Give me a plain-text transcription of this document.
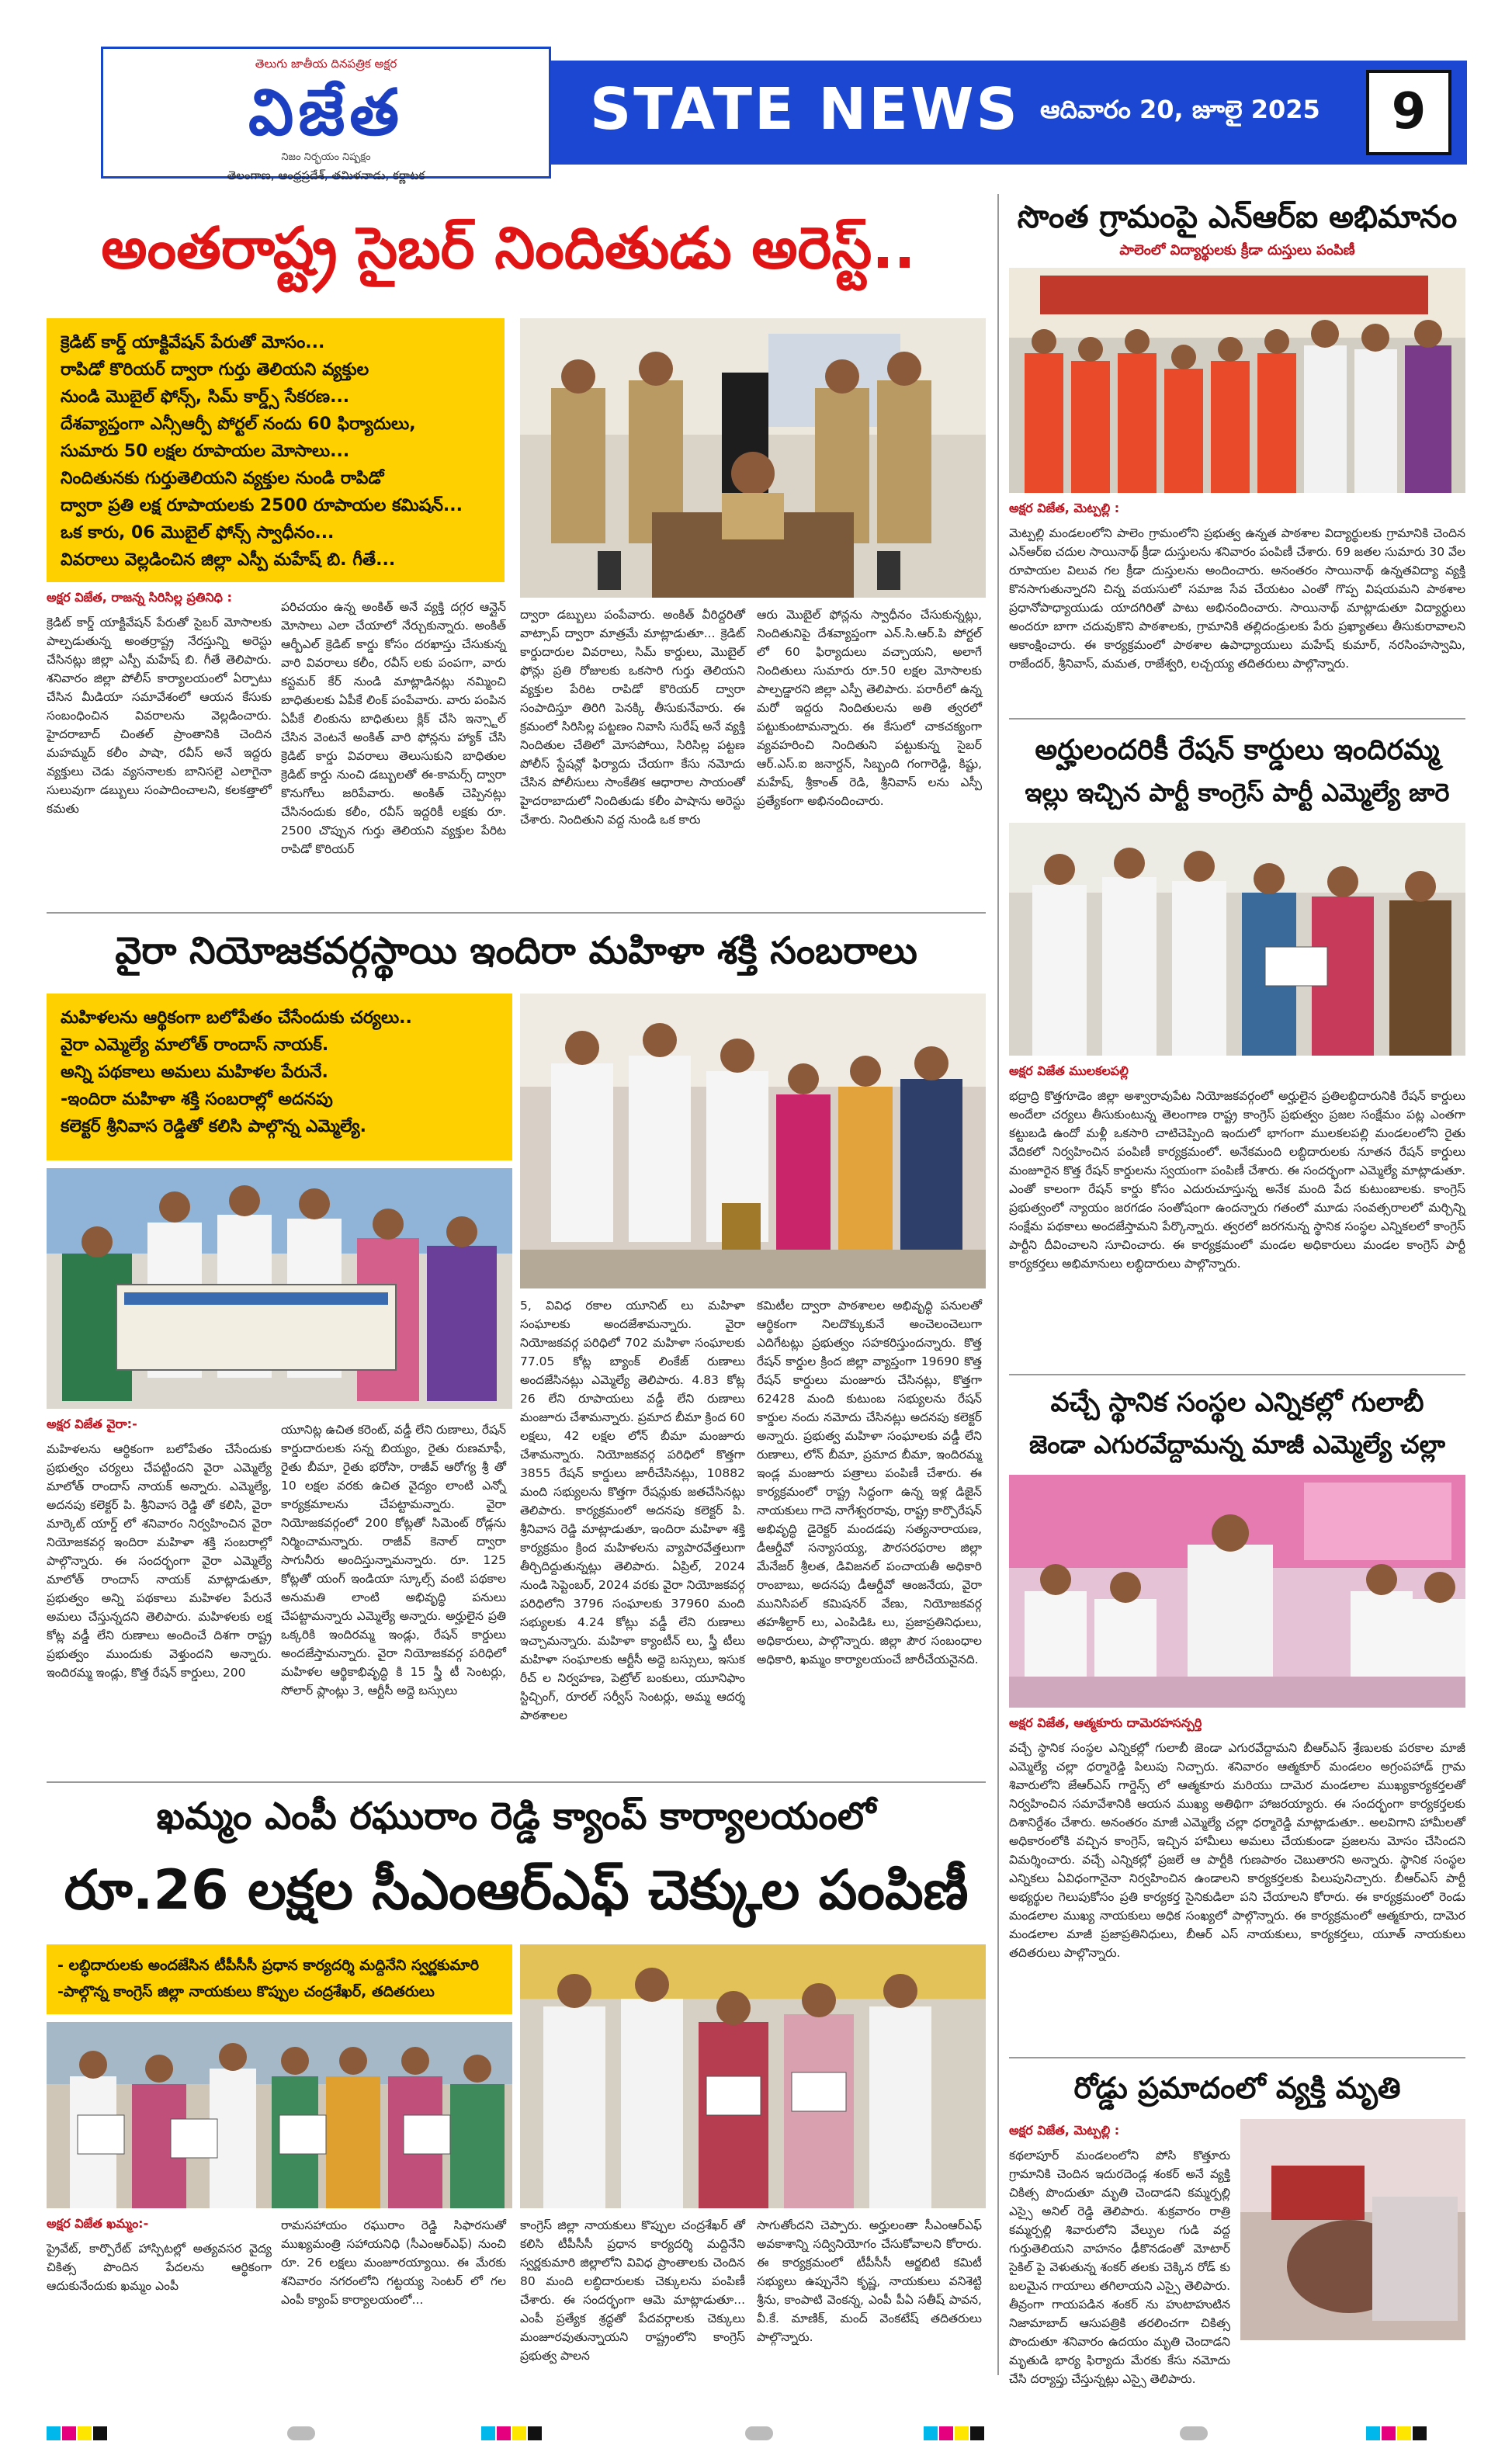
STATE NEWS ఆదివారం 20, జూలై 2025	9
తెలుగు జాతీయ దినపత్రిక అక్షర
విజేత
నిజం నిర్భయం నిష్పక్షం
తెలంగాణ, ఆంధ్రప్రదేశ్, తమిళనాడు, కర్ణాటక
అంతరాష్ట్ర సైబర్ నిందితుడు అరెస్ట్..

క్రెడిట్ కార్డ్ యాక్టివేషన్ పేరుతో మోసం...

రాపిడో కొరియర్ ద్వారా గుర్తు తెలియని వ్యక్తుల

నుండి మొబైల్ ఫోన్స్, సిమ్ కార్డ్స్ సేకరణ...

దేశవ్యాప్తంగా ఎన్సీఆర్పీ పోర్టల్ నందు 60 ఫిర్యాదులు,

సుమారు 50 లక్షల రూపాయల మోసాలు...

నిందితునకు గుర్తుతెలియని వ్యక్తుల నుండి రాపిడో

ద్వారా ప్రతి లక్ష రూపాయలకు 2500 రూపాయల కమిషన్...

ఒక కారు, 06 మొబైల్ ఫోన్స్ స్వాధీనం...

వివరాలు వెల్లడించిన జిల్లా ఎస్పీ మహేష్ బి. గీతే...

అక్షర విజేత, రాజన్న సిరిసిల్ల ప్రతినిధి :
క్రెడిట్ కార్డ్ యాక్టివేషన్ పేరుతో సైబర్ మోసాలకు పాల్పడుతున్న అంతర్రాష్ట్ర నేరస్తున్ని అరెస్టు చేసినట్లు జిల్లా ఎస్పీ మహేష్ బి. గీతే తెలిపారు. శనివారం జిల్లా పోలీస్ కార్యాలయంలో ఏర్పాటు చేసిన మీడియా సమావేశంలో ఆయన కేసుకు సంబంధించిన వివరాలను వెల్లడించారు. హైదరాబాద్ చింతల్ ప్రాంతానికి చెందిన మహమ్మద్ కలీం పాషా, రవీస్ అనే ఇద్దరు వ్యక్తులు చెడు వ్యసనాలకు బానిసలై ఎలాగైనా సులువుగా డబ్బులు సంపాదించాలని, కలకత్తాలో కమతు
పరిచయం ఉన్న అంకిత్ అనే వ్యక్తి దగ్గర ఆన్లైన్ మోసాలు ఎలా చేయాలో నేర్చుకున్నారు. అంకిత్ ఆర్బీఎల్ క్రెడిట్ కార్డు కోసం దరఖాస్తు చేసుకున్న వారి వివరాలు కలీం, రవీస్ లకు పంపగా, వారు కస్టమర్ కేర్ నుండి మాట్లాడినట్లు నమ్మించి బాధితులకు ఏపీకే లింక్ పంపేవారు. వారు పంపిన ఏపీకే లింకును బాధితులు క్లిక్ చేసి ఇన్స్టాల్ చేసిన వెంటనే అంకిత్ వారి ఫోన్లను హ్యాక్ చేసి క్రెడిట్ కార్డు వివరాలు తెలుసుకుని బాధితుల క్రెడిట్ కార్డు నుంచి డబ్బులతో ఈ-కామర్స్ ద్వారా కొనుగోలు జరిపేవారు. అంకిత్ చెప్పినట్లు చేసినందుకు కలీం, రవీస్ ఇద్దరికీ లక్షకు రూ. 2500 చొప్పున గుర్తు తెలియని వ్యక్తుల పేరిట రాపిడో కొరియర్
ద్వారా డబ్బులు పంపేవారు. అంకిత్ వీరిద్దరితో వాట్సాప్ ద్వారా మాత్రమే మాట్లాడుతూ... క్రెడిట్ కార్డుదారుల వివరాలు, సిమ్ కార్డులు, మొబైల్ ఫోన్లు ప్రతి రోజులకు ఒకసారి గుర్తు తెలియని వ్యక్తుల పేరిట రాపిడో కొరియర్ ద్వారా సంపాదిస్తూ తిరిగి పెనక్కి తీసుకునేవారు. ఈ క్రమంలో సిరిసిల్ల పట్టణం నివాసి సురేష్ అనే వ్యక్తి నిందితుల చేతిలో మోసపోయి, సిరిసిల్ల పట్టణ పోలీస్ స్టేషన్లో ఫిర్యాదు చేయగా కేసు నమోదు చేసిన పోలీసులు సాంకేతిక ఆధారాల సాయంతో హైదరాబాదులో నిందితుడు కలీం పాషాను అరెస్టు చేశారు. నిందితుని వద్ద నుండి ఒక కారు
ఆరు మొబైల్ ఫోన్లను స్వాధీనం చేసుకున్నట్లు, నిందితునిపై దేశవ్యాప్తంగా ఎన్.సి.ఆర్.పి పోర్టల్ లో 60 ఫిర్యాదులు వచ్చాయని, అలాగే నిందితులు సుమారు రూ.50 లక్షల మోసాలకు పాల్పడ్డారని జిల్లా ఎస్పీ తెలిపారు. పరారీలో ఉన్న మరో ఇద్దరు నిందితులను అతి త్వరలో పట్టుకుంటామన్నారు. ఈ కేసులో చాకచక్యంగా వ్యవహరించి నిందితుని పట్టుకున్న సైబర్ ఆర్.ఎస్.ఐ జనార్దన్, సిబ్బంది గంగారెడ్డి, కిష్టు, మహేష్, శ్రీకాంత్ రెడి, శ్రీనివాస్ లను ఎస్పీ ప్రత్యేకంగా అభినందించారు.
వైరా నియోజకవర్గస్థాయి ఇందిరా మహిళా శక్తి సంబరాలు

మహిళలను ఆర్థికంగా బలోపేతం చేసేందుకు చర్యలు..

వైరా ఎమ్మెల్యే మాలోత్ రాందాస్ నాయక్.

అన్ని పథకాలు అమలు మహిళల పేరునే.

-ఇందిరా మహిళా శక్తి సంబరాల్లో అదనపు

కలెక్టర్ శ్రీనివాస రెడ్డితో కలిసి పాల్గొన్న ఎమ్మెల్యే.

అక్షర విజేత వైరా:-
మహిళలను ఆర్థికంగా బలోపేతం చేసేందుకు ప్రభుత్వం చర్యలు చేపట్టిందని వైరా ఎమ్మెల్యే మాలోత్ రాందాస్ నాయక్ అన్నారు. ఎమ్మెల్యే, అదనపు కలెక్టర్ పి. శ్రీనివాస రెడ్డి తో కలిసి, వైరా మార్కెట్ యార్డ్ లో శనివారం నిర్వహించిన వైరా నియోజకవర్గ ఇందిరా మహిళా శక్తి సంబరాల్లో పాల్గొన్నారు. ఈ సందర్భంగా వైరా ఎమ్మెల్యే మాలోత్ రాందాస్ నాయక్ మాట్లాడుతూ, ప్రభుత్వం అన్ని పథకాలు మహిళల పేరునే అమలు చేస్తున్నదని తెలిపారు. మహిళలకు లక్ష కోట్ల వడ్డీ లేని రుణాలు అందించే దిశగా రాష్ట్ర ప్రభుత్వం ముందుకు వెళ్తుందని అన్నారు. ఇందిరమ్మ ఇండ్లు, కొత్త రేషన్ కార్డులు, 200
యూనిట్ల ఉచిత కరెంట్, వడ్డీ లేని రుణాలు, రేషన్ కార్డుదారులకు సన్న బియ్యం, రైతు రుణమాఫీ, రైతు బీమా, రైతు భరోసా, రాజీవ్ ఆరోగ్య శ్రీ తో 10 లక్షల వరకు ఉచిత వైద్యం లాంటి ఎన్నో కార్యక్రమాలను చేపట్టామన్నారు. వైరా నియోజకవర్గంలో 200 కోట్లతో సిమెంట్ రోడ్లను నిర్మించామన్నారు. రాజీవ్ కెనాల్ ద్వారా సాగునీరు అందిస్తున్నామన్నారు. రూ. 125 కోట్లతో యంగ్ ఇండియా స్కూల్స్ వంటి పథకాల అనుమతి లాంటి అభివృద్ధి పనులు చేపట్టామన్నారు ఎమ్మెల్యే అన్నారు. అర్హులైన ప్రతి ఒక్కరికి ఇందిరమ్మ ఇండ్లు, రేషన్ కార్డులు అందజేస్తామన్నారు. వైరా నియోజకవర్గ పరిధిలో మహిళల ఆర్థికాభివృద్ధి కి 15 స్త్రీ టీ సెంటర్లు, సోలార్ ప్లాంట్లు 3, ఆర్టీసీ అద్దె బస్సులు
5, వివిధ రకాల యూనిట్ లు మహిళా సంఘాలకు అందజేశామన్నారు. వైరా నియోజకవర్గ పరిధిలో 702 మహిళా సంఘాలకు 77.05 కోట్ల బ్యాంక్ లింకేజ్ రుణాలు అందజేసినట్లు ఎమ్మెల్యే తెలిపారు. 4.83 కోట్ల 26 లేని రూపాయలు వడ్డీ లేని రుణాలు మంజూరు చేశామన్నారు. ప్రమాద బీమా క్రింద 60 లక్షలు, 42 లక్షల లోన్ బీమా మంజూరు చేశామన్నారు. నియోజకవర్గ పరిధిలో కొత్తగా 3855 రేషన్ కార్డులు జారీచేసినట్లు, 10882 మంది సభ్యులను కొత్తగా రేషన్లుకు జతచేసినట్లు తెలిపారు. కార్యక్రమంలో అదనపు కలెక్టర్ పి. శ్రీనివాస రెడ్డి మాట్లాడుతూ, ఇందిరా మహిళా శక్తి కార్యక్రమం క్రింద మహిళలను వ్యాపారవేత్తలుగా తీర్చిదిద్దుతున్నట్లు తెలిపారు. ఏప్రిల్, 2024 నుండి సెప్టెంబర్, 2024 వరకు వైరా నియోజకవర్గ పరిధిలోని 3796 సంఘాలకు 37960 మంది సభ్యులకు 4.24 కోట్లు వడ్డీ లేని రుణాలు ఇచ్చామన్నారు. మహిళా క్యాంటీన్ లు, స్త్రీ టీలు మహిళా సంఘాలకు ఆర్టీసీ అద్దె బస్సులు, ఇసుక రీచ్ ల నిర్వహణ, పెట్రోల్ బంకులు, యూనిఫాం స్టిచ్చింగ్, రూరల్ సర్వీస్ సెంటర్లు, అమ్మ ఆదర్శ పాఠశాలల
కమిటీల ద్వారా పాఠశాలల అభివృద్ధి పనులతో ఆర్థికంగా నిలదొక్కుకునే అంచెలంచెలుగా ఎదిగేటట్లు ప్రభుత్వం సహకరిస్తుందన్నారు. కొత్త రేషన్ కార్డుల క్రింద జిల్లా వ్యాప్తంగా 19690 కొత్త రేషన్ కార్డులు మంజూరు చేసినట్లు, కొత్తగా 62428 మంది కుటుంబ సభ్యులను రేషన్ కార్డుల నందు నమోదు చేసినట్లు అదనపు కలెక్టర్ అన్నారు. ప్రభుత్వ మహిళా సంఘాలకు వడ్డీ లేని రుణాలు, లోన్ బీమా, ప్రమాద బీమా, ఇందిరమ్మ ఇండ్ల మంజూరు పత్రాలు పంపిణీ చేశారు. ఈ కార్యక్రమంలో రాష్ట్ర సిద్ధంగా ఉన్న ఇళ్ల డిజైన్ నాయకులు గాదె నాగేశ్వరరావు, రాష్ట్ర కార్పొరేషన్ అభివృద్ధి డైరెక్టర్ మందడపు సత్యనారాయణ, డీఆర్డీవో సన్యాసయ్య, పౌరసరఫరాల జిల్లా మేనేజర్ శ్రీలత, డివిజనల్ పంచాయతీ అధికారి రాంబాబు, అదనపు డీఆర్డీవో ఆంజనేయ, వైరా మునిసిపల్ కమిషనర్ వేణు, నియోజకవర్గ తహశీల్దార్ లు, ఎంపిడిఓ లు, ప్రజాప్రతినిధులు, అధికారులు, పాల్గొన్నారు. జిల్లా పౌర సంబంధాల అధికారి, ఖమ్మం కార్యాలయంచే జారీచేయనైనది.
ఖమ్మం ఎంపీ రఘురాం రెడ్డి క్యాంప్ కార్యాలయంలో
రూ.26 లక్షల సీఎంఆర్ఎఫ్ చెక్కుల పంపిణీ

- లబ్ధిదారులకు అందజేసిన టీపీసీసీ ప్రధాన కార్యదర్శి మద్దినేని స్వర్ణకుమారి

-పాల్గొన్న కాంగ్రెస్ జిల్లా నాయకులు కొప్పుల చంద్రశేఖర్, తదితరులు

అక్షర విజేత ఖమ్మం:-
ప్రైవేట్, కార్పొరేట్ హాస్పిటల్లో అత్యవసర వైద్య చికిత్స పొందిన పేదలను ఆర్థికంగా ఆదుకునేందుకు ఖమ్మం ఎంపీ
రామసహాయం రఘురాం రెడ్డి సిఫారసుతో ముఖ్యమంత్రి సహాయనిధి (సీఎంఆర్ఎఫ్) నుంచి రూ. 26 లక్షలు మంజూరయ్యాయి. ఈ మేరకు శనివారం నగరంలోని గట్టయ్య సెంటర్ లో గల ఎంపీ క్యాంప్ కార్యాలయంలో...
కాంగ్రెస్ జిల్లా నాయకులు కొప్పుల చంద్రశేఖర్ తో కలిసి టీపీసీసీ ప్రధాన కార్యదర్శి మద్దినేని స్వర్ణకుమారి జిల్లాలోని వివిధ ప్రాంతాలకు చెందిన 80 మంది లబ్ధిదారులకు చెక్కులను పంపిణీ చేశారు. ఈ సందర్భంగా ఆమె మాట్లాడుతూ... ఎంపీ ప్రత్యేక శ్రద్ధతో పేదవర్గాలకు చెక్కులు మంజూరవుతున్నాయని రాష్ట్రంలోని కాంగ్రెస్ ప్రభుత్వ పాలన
సాగుతోందని చెప్పారు. అర్హులంతా సీఎంఆర్ఎఫ్ అవకాశాన్ని సద్వినియోగం చేసుకోవాలని కోరారు. ఈ కార్యక్రమంలో టీపీసీసీ ఆర్జబిటి కమిటీ సభ్యులు ఉప్పునేని కృష్ణ, నాయకులు వనిశెట్టి శ్రీను, కాంపాటి వెంకన్న, ఎంపీ పీఏ సతీష్ పావన, వీ.కే. మాణిక్, మంద్ వెంకటేష్ తదితరులు పాల్గొన్నారు.
సొంత గ్రామంపై ఎన్ఆర్ఐ అభిమానం
పాలెంలో విద్యార్థులకు క్రీడా దుస్తులు పంపిణీ
అక్షర విజేత, మెట్పల్లి :
మెట్పల్లి మండలంలోని పాలెం గ్రామంలోని ప్రభుత్వ ఉన్నత పాఠశాల విద్యార్థులకు గ్రామానికి చెందిన ఎన్ఆర్ఐ చదుల సాయినాథ్ క్రీడా దుస్తులను శనివారం పంపిణీ చేశారు. 69 జతల సుమారు 30 వేల రూపాయల విలువ గల క్రీడా దుస్తులను అందించారు. అనంతరం సాయినాథ్ ఉన్నతవిద్యా వ్యక్తి కొనసాగుతున్నారని చిన్న వయసులో సమాజ సేవ చేయటం ఎంతో గొప్ప విషయమని పాఠశాల ప్రధానోపాధ్యాయుడు యాదగిరితో పాటు అభినందించారు. సాయినాథ్ మాట్లాడుతూ విద్యార్థులు అందరూ బాగా చదువుకొని పాఠశాలకు, గ్రామానికి తల్లిదండ్రులకు పేరు ప్రఖ్యాతలు తీసుకురావాలని ఆకాంక్షించారు. ఈ కార్యక్రమంలో పాఠశాల ఉపాధ్యాయులు మహేష్ కుమార్, నరసింహస్వామి, రాజేందర్, శ్రీనివాస్, మమత, రాజేశ్వరి, లచ్చయ్య తదితరులు పాల్గొన్నారు.
అర్హులందరికీ రేషన్ కార్డులు ఇందిరమ్మ
ఇల్లు ఇచ్చిన పార్టీ కాంగ్రెస్ పార్టీ ఎమ్మెల్యే జారె
అక్షర విజేత ములకలపల్లి
భద్రాద్రి కొత్తగూడెం జిల్లా అశ్వారావుపేట నియోజకవర్గంలో అర్హులైన ప్రతిలబ్ధిదారునికి రేషన్ కార్డులు అందేలా చర్యలు తీసుకుంటున్న తెలంగాణ రాష్ట్ర కాంగ్రెస్ ప్రభుత్వం ప్రజల సంక్షేమం పట్ల ఎంతగా కట్టుబడి ఉందో మళ్లీ ఒకసారి చాటిచెప్పింది ఇందులో భాగంగా ములకలపల్లి మండలంలోని రైతు వేదికలో నిర్వహించిన పంపిణీ కార్యక్రమంలో. అనేకమంది లబ్ధిదారులకు నూతన రేషన్ కార్డులు మంజూరైన కొత్త రేషన్ కార్డులను స్వయంగా పంపిణీ చేశారు. ఈ సందర్భంగా ఎమ్మెల్యే మాట్లాడుతూ. ఎంతో కాలంగా రేషన్ కార్డు కోసం ఎదురుచూస్తున్న అనేక మంది పేద కుటుంబాలకు. కాంగ్రెస్ ప్రభుత్వంలో న్యాయం జరగడం సంతోషంగా ఉందన్నారు గతంలో మూడు సంవత్సరాలలో మర్చిన్ని సంక్షేమ పథకాలు అందజేస్తామని పేర్కొన్నారు. త్వరలో జరగనున్న స్థానిక సంస్థల ఎన్నికలలో కాంగ్రెస్ పార్టీని దీవించాలని సూచించారు. ఈ కార్యక్రమంలో మండల అధికారులు మండల కాంగ్రెస్ పార్టీ కార్యకర్తలు అభిమానులు లబ్ధిదారులు పాల్గొన్నారు.
వచ్చే స్థానిక సంస్థల ఎన్నికల్లో గులాబీ
జెండా ఎగురవేద్దామన్న మాజీ ఎమ్మెల్యే చల్లా
అక్షర విజేత, ఆత్మకూరు దామెరహసన్పర్తి
వచ్చే స్థానిక సంస్థల ఎన్నికల్లో గులాబీ జెండా ఎగురవేద్దామని బీఆర్ఎస్ శ్రేణులకు పరకాల మాజీ ఎమ్మెల్యే చల్లా ధర్మారెడ్డి పిలుపు నిచ్చారు. శనివారం ఆత్మకూర్ మండలం అగ్రంపహాడ్ గ్రామ శివారులోని జేఆర్ఎస్ గార్డెన్స్ లో ఆత్మకూరు మరియు దామెర మండలాల ముఖ్యకార్యకర్తలతో నిర్వహించిన సమావేశానికి ఆయన ముఖ్య అతిథిగా హాజరయ్యారు. ఈ సందర్భంగా కార్యకర్తలకు దిశానిర్దేశం చేశారు. అనంతరం మాజీ ఎమ్మెల్యే చల్లా ధర్మారెడ్డి మాట్లాడుతూ.. అలవిగాని హామీలతో అధికారంలోకి వచ్చిన కాంగ్రెస్, ఇచ్చిన హామీలు అమలు చేయకుండా ప్రజలను మోసం చేసిందని విమర్శించారు. వచ్చే ఎన్నికల్లో ప్రజలే ఆ పార్టీకి గుణపాఠం చెబుతారని అన్నారు. స్థానిక సంస్థల ఎన్నికలు ఏవిధంగానైనా నిర్వహించిన ఉండాలని కార్యకర్తలకు పిలుపునిచ్చారు. బీఆర్ఎస్ పార్టీ అభ్యర్థుల గెలుపుకోసం ప్రతి కార్యకర్త సైనికుడిలా పని చేయాలని కోరారు. ఈ కార్యక్రమంలో రెండు మండలాల ముఖ్య నాయకులు అధిక సంఖ్యలో పాల్గొన్నారు. ఈ కార్యక్రమంలో ఆత్మకూరు, దామెర మండలాల మాజీ ప్రజాప్రతినిధులు, బీఆర్ ఎస్ నాయకులు, కార్యకర్తలు, యూత్ నాయకులు తదితరులు పాల్గొన్నారు.
రోడ్డు ప్రమాదంలో వ్యక్తి మృతి
అక్షర విజేత, మెట్పల్లి :
కథలాపూర్ మండలంలోని పోసి కొత్తూరు గ్రామానికి చెందిన ఇదురదెండ్ల శంకర్ అనే వ్యక్తి చికిత్స పొందుతూ మృతి చెందాడని కమ్మర్పల్లి ఎస్సై అనిల్ రెడ్డి తెలిపారు. శుక్రవారం రాత్రి కమ్మర్పల్లి శివారులోని వేల్పుల గుడి వద్ద గుర్తుతెలియని వాహనం ఢీకొనడంతో మోటార్ సైకిల్ పై వెళుతున్న శంకర్ తలకు చెక్కిన రోడ్ కు బలమైన గాయాలు తగిలాయని ఎస్సై తెలిపారు. తీవ్రంగా గాయపడిన శంకర్ ను హుటాహుటిన నిజామాబాద్ ఆసుపత్రికి తరలించగా చికిత్స పొందుతూ శనివారం ఉదయం మృతి చెందాడని మృతుడి భార్య ఫిర్యాదు మేరకు కేసు నమోదు చేసి దర్యాప్తు చేస్తున్నట్లు ఎస్సై తెలిపారు.
